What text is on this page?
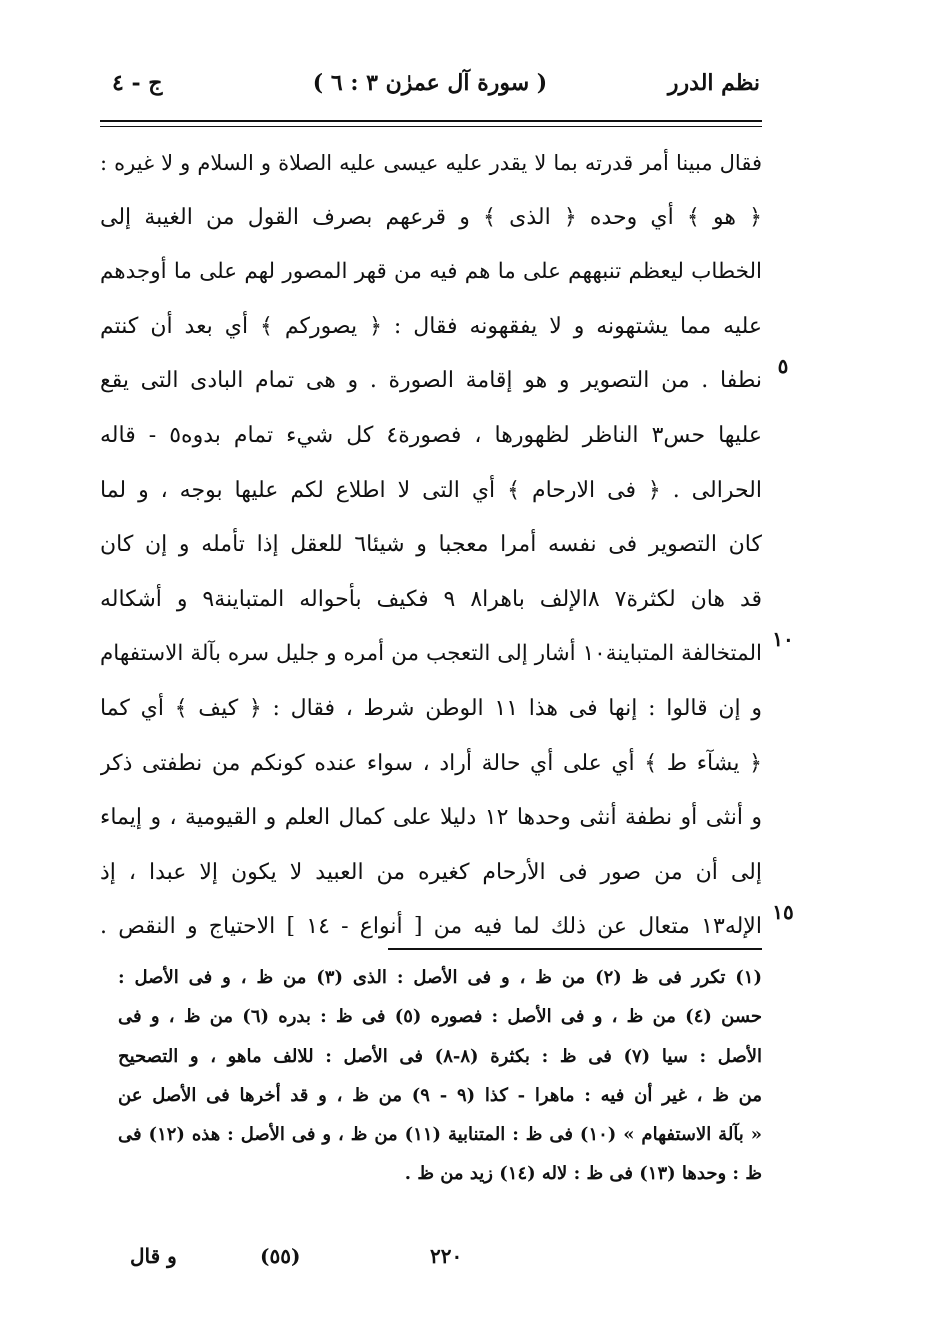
نظم الدرر
( سورة آل عمرٰن ٣ : ٦ )
ج - ٤
فقال مبينا أمر قدرته بما لا يقدر عليه عيسى عليه الصلاة و السلام و لا غيره :
﴿ هو ﴾ أي وحده ﴿ الذى ﴾ و قرعهم بصرف القول من الغيبة إلى
الخطاب ليعظم تنبههم على ما هم فيه من قهر المصور لهم على ما أوجدهم
عليه مما يشتهونه و لا يفقهونه فقال : ﴿ يصوركم ﴾ أي بعد أن كنتم
نطفا . من التصوير و هو إقامة الصورة . و هى تمام البادى التى يقع
عليها حس٣ الناظر لظهورها ، فصورة٤ كل شيء تمام بدوه٥ - قاله
الحرالى . ﴿ فى الارحام ﴾ أي التى لا اطلاع لكم عليها بوجه ، و لما
كان التصوير فى نفسه أمرا معجبا و شيئا٦ للعقل إذا تأمله و إن كان
قد هان لكثرة٧ ٨الإلف باهرا٨ ٩ فكيف بأحواله المتباينة٩ و أشكاله
المتخالفة المتباينة١٠ أشار إلى التعجب من أمره و جليل سره بآلة الاستفهام
و إن قالوا : إنها فى هذا ١١ الوطن شرط ، فقال : ﴿ كيف ﴾ أي كما
﴿ يشآء ط ﴾ أي على أي حالة أراد ، سواء عنده كونكم من نطفتى ذكر
و أنثى أو نطفة أنثى وحدها ١٢ دليلا على كمال العلم و القيومية ، و إيماء
إلى أن من صور فى الأرحام كغيره من العبيد لا يكون إلا عبدا ، إذ
الإله١٣ متعال عن ذلك لما فيه من [ أنواع - ١٤ ] الاحتياج و النقص .
٥
١٠
١٥
(١) تكرر فى ظ (٢) من ظ ، و فى الأصل : الذى (٣) من ظ ، و فى الأصل :
حسن (٤) من ظ ، و فى الأصل : فصوره (٥) فى ظ : بدره (٦) من ظ ، و فى
الأصل : سيا (٧) فى ظ : بكثرة (٨-٨) فى الأصل : للالف ماهو ، و التصحيح
من ظ ، غير أن فيه : ماهرا - كذا (٩ - ٩) من ظ ، و قد أخرها فى الأصل عن
« بآلة الاستفهام » (١٠) فى ظ : المتنابية (١١) من ظ ، و فى الأصل : هذه (١٢) فى
ظ : وحدها (١٣) فى ظ : لاله (١٤) زيد من ظ .
٢٢٠
(٥٥)
و قال
